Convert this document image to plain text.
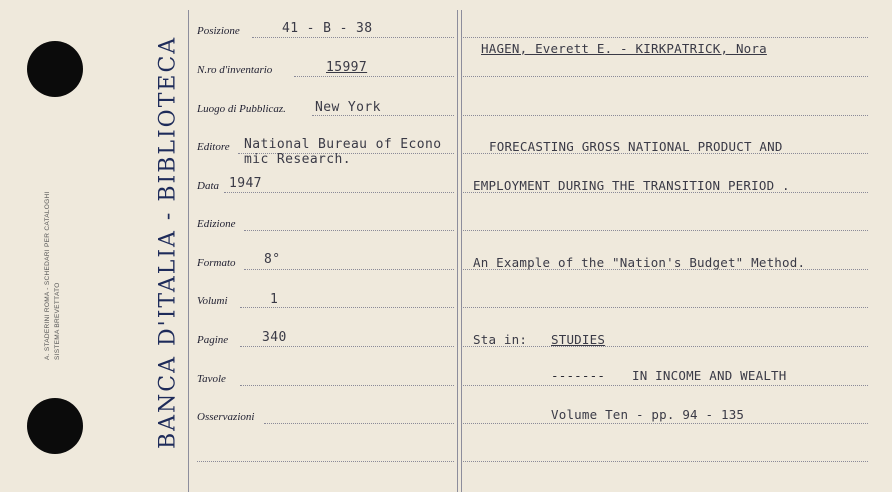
A. STADERINI ROMA - SCHEDARI PER CATALOGHI SISTEMA BREVETTATO	BANCA D'ITALIA - BIBLIOTECA
Posizione	41 - B - 38
N.ro d'inventario	15997
Luogo di Pubblicaz. New York
Editore National Bureau of Econo
mic Research.
Data 1947
Edizione
Formato 8°
Volumi	1
Pagine	340
Tavole
Osservazioni
HAGEN, Everett E. - KIRKPATRICK, Nora
FORECASTING GROSS NATIONAL PRODUCT AND
EMPLOYMENT DURING THE TRANSITION PERIOD .
An Example of the "Nation's Budget" Method.
Sta in: STUDIES
------- IN INCOME AND WEALTH
Volume Ten - pp. 94 - 135
